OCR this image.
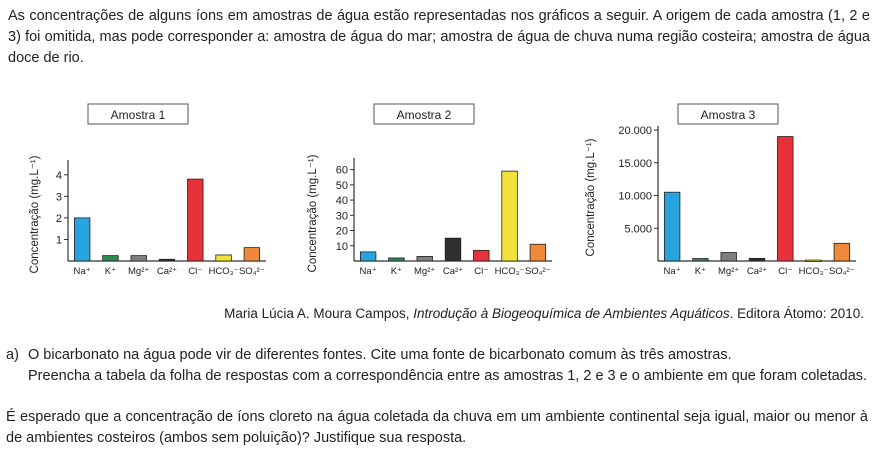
As concentrações de alguns íons em amostras de água estão representadas nos gráficos a seguir. A origem de cada amostra (1, 2 e 3) foi omitida, mas pode corresponder a: amostra de água do mar; amostra de água de chuva numa região costeira; amostra de água doce de rio.
Amostra 1
Concentração (mg.L⁻¹) 1
2
3
4
Na⁺ K⁺ Mg²⁺ Ca²⁺ Cl⁻ HCO₃⁻ SO₄²⁻
Amostra 2
Concentração (mg.L⁻¹) 10
20
30
40
50
60
Na⁺ K⁺ Mg²⁺ Ca²⁺ Cl⁻ HCO₃⁻ SO₄²⁻
Amostra 3
Concentração (mg.L⁻¹) 5.000
10.000
15.000
20.000
Na⁺ K⁺ Mg²⁺ Ca²⁺ Cl⁻ HCO₃⁻ SO₄²⁻
Maria Lúcia A. Moura Campos, Introdução à Biogeoquímica de Ambientes Aquáticos. Editora Átomo: 2010.
a) O bicarbonato na água pode vir de diferentes fontes. Cite uma fonte de bicarbonato comum às três amostras.
Preencha a tabela da folha de respostas com a correspondência entre as amostras 1, 2 e 3 e o ambiente em que foram coletadas.
É esperado que a concentração de íons cloreto na água coletada da chuva em um ambiente continental seja igual, maior ou menor à de ambientes costeiros (ambos sem poluição)? Justifique sua resposta.
